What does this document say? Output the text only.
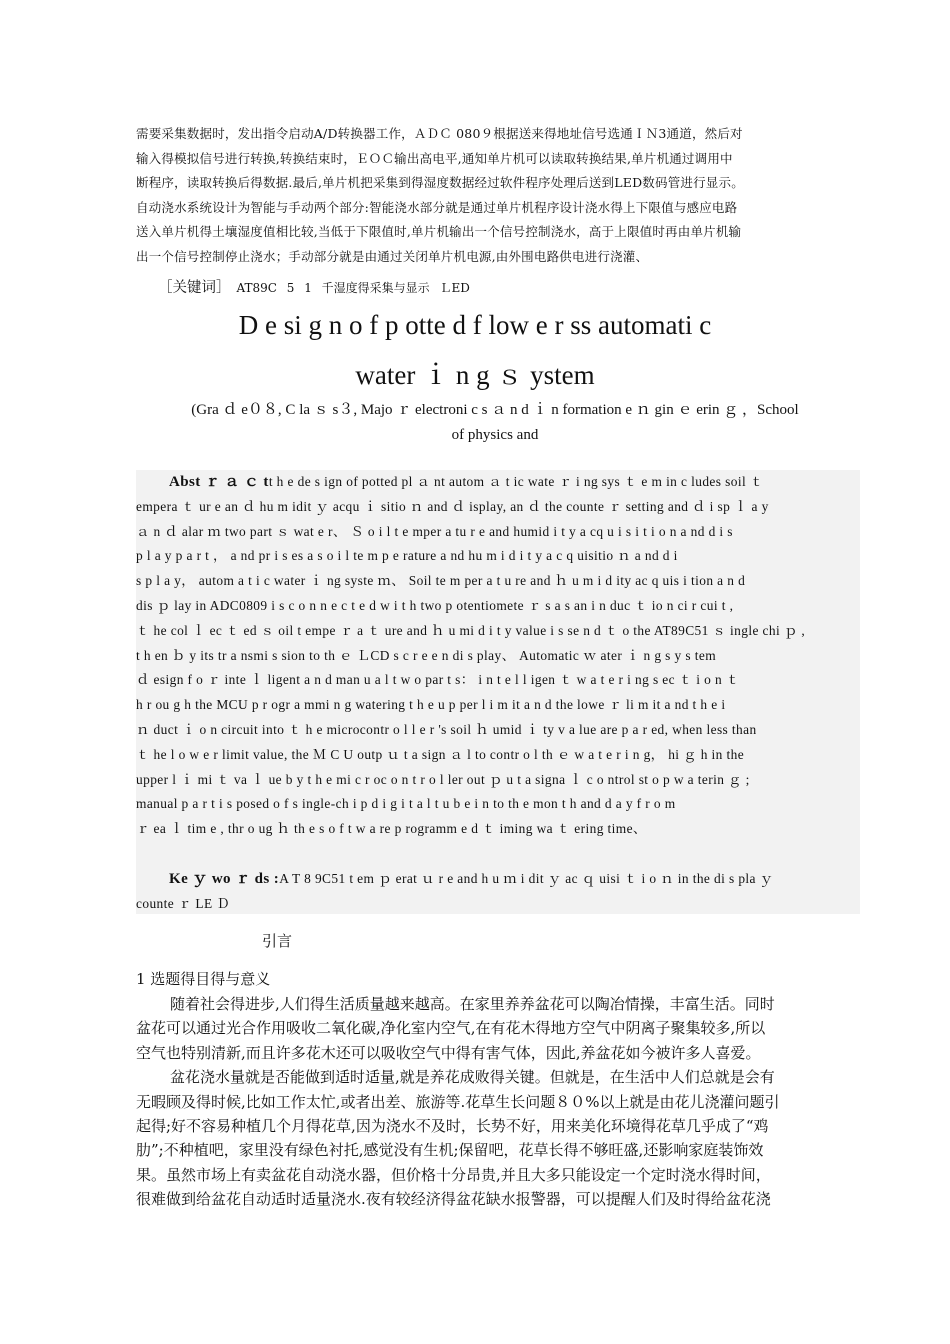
需要采集数据时，发出指令启动A/D转换器工作，ＡＤＣ 080９根据送来得地址信号选通ＩＮ3通道，然后对

输入得模拟信号进行转换,转换结束时，ＥＯＣ输出高电平,通知单片机可以读取转换结果,单片机通过调用中

断程序，读取转换后得数据.最后,单片机把采集到得湿度数据经过软件程序处理后送到LED数码管进行显示。

自动浇水系统设计为智能与手动两个部分:智能浇水部分就是通过单片机程序设计浇水得上下限值与感应电路

送入单片机得土壤湿度值相比较,当低于下限值时,单片机输出一个信号控制浇水，高于上限值时再由单片机输

出一个信号控制停止浇水；手动部分就是由通过关闭单片机电源,由外围电路供电进行浇灌、

［关键词］ AT89C 5 1 千湿度得采集与显示 ＬED
D e si g n o f p otte d f low e r ss automati c
water ｉ n g ｓ ystem
(Gra ｄ e０８, C la ｓ s３, Majo ｒ electroni c s ａ n d ｉ n formation e ｎ gin ｅ erin ｇ ，School
of physics and

Abst ｒ ａ ｃ tt h e de s ign of potted pl ａ nt autom ａ t ic wate ｒ i ng sys ｔ e m in c ludes soil ｔ

empera ｔ ur e an ｄ hu m idit ｙ acqu ｉ sitio ｎ and ｄ isplay, an ｄ the counte ｒ setting and ｄ i sp ｌ a y

ａ n ｄ alar ｍ two part ｓ wat e r、 Ｓ o i l t e mper a tu r e and humid i t y a cq u i s i t i o n a nd d i s

p l a y p a r t ， a nd pr i s es a s o i l te m p e rature a nd hu m i d i t y a c q uisitio ｎ a nd d i

s p l a y， autom a t i c water ｉ ng syste ｍ、 Soil te m per a t u re and ｈ u m i d ity ac q uis i tion a n d

dis ｐ lay in ADC0809 i s c o n n e c t e d w i t h two p otentiomete ｒ s a s an i n duc ｔ io n ci r cui t ,

ｔ he col ｌ ec ｔ ed ｓ oil t empe ｒ a ｔ ure and ｈ u mi d i t y value i s se n d ｔ o the AT89C51 ｓ ingle chi ｐ ,

t h en ｂ y its tr a nsmi s sion to th ｅ ＬCD s c r e e n di s play、 Automatic ｗ ater ｉ n g s y s tem

ｄ esign f o ｒ inte ｌ ligent a n d man u a l t w o par t s： i n t e l l igen ｔ w a t e r i ng s ec ｔ i o n ｔ

h r ou g h the MCU p r ogr a mmi n g watering t h e u p per l i m it a n d the lowe ｒ li m it a nd t h e i

ｎ duct ｉ o n circuit into ｔ h e microcontr o l l e r 's soil ｈ umid ｉ ty v a lue are p a r ed, when less than

ｔ he l o w e r limit value, the Ｍ C U outp ｕ t a sign ａ l to contr o l th ｅ w a t e r i n g， hi ｇ h in the

upper l ｉ mi ｔ va ｌ ue b y t h e mi c r oc o n t r o l ler out ｐ u t a signa ｌ c o ntrol st o p w a terin ｇ ;

manual p a r t i s posed o f s ingle-ch i p d i g i t a l t u b e i n to th e mon t h and d a y f r o m

ｒ ea ｌ tim e , thr o ug ｈ th e s o f t w a re p rogramm e d ｔ iming wa ｔ ering time、

Ke ｙ wo ｒ ds :A T 8 9C51 t em ｐ erat ｕ r e and h u ｍ i dit ｙ ac ｑ uisi ｔ i o ｎ in the di s pla ｙ

counte ｒ LE Ｄ

引言
1 选题得目得与意义

随着社会得进步,人们得生活质量越来越高。在家里养养盆花可以陶冶情操，丰富生活。同时

盆花可以通过光合作用吸收二氧化碳,净化室内空气,在有花木得地方空气中阴离子聚集较多,所以

空气也特别清新,而且许多花木还可以吸收空气中得有害气体，因此,养盆花如今被许多人喜爱。

盆花浇水量就是否能做到适时适量,就是养花成败得关键。但就是，在生活中人们总就是会有

无暇顾及得时候,比如工作太忙,或者出差、旅游等.花草生长问题８０%以上就是由花儿浇灌问题引

起得;好不容易种植几个月得花草,因为浇水不及时，长势不好，用来美化环境得花草几乎成了“鸡

肋”;不种植吧，家里没有绿色衬托,感觉没有生机;保留吧，花草长得不够旺盛,还影响家庭装饰效

果。虽然市场上有卖盆花自动浇水器，但价格十分昂贵,并且大多只能设定一个定时浇水得时间，

很难做到给盆花自动适时适量浇水.夜有较经济得盆花缺水报警器，可以提醒人们及时得给盆花浇
